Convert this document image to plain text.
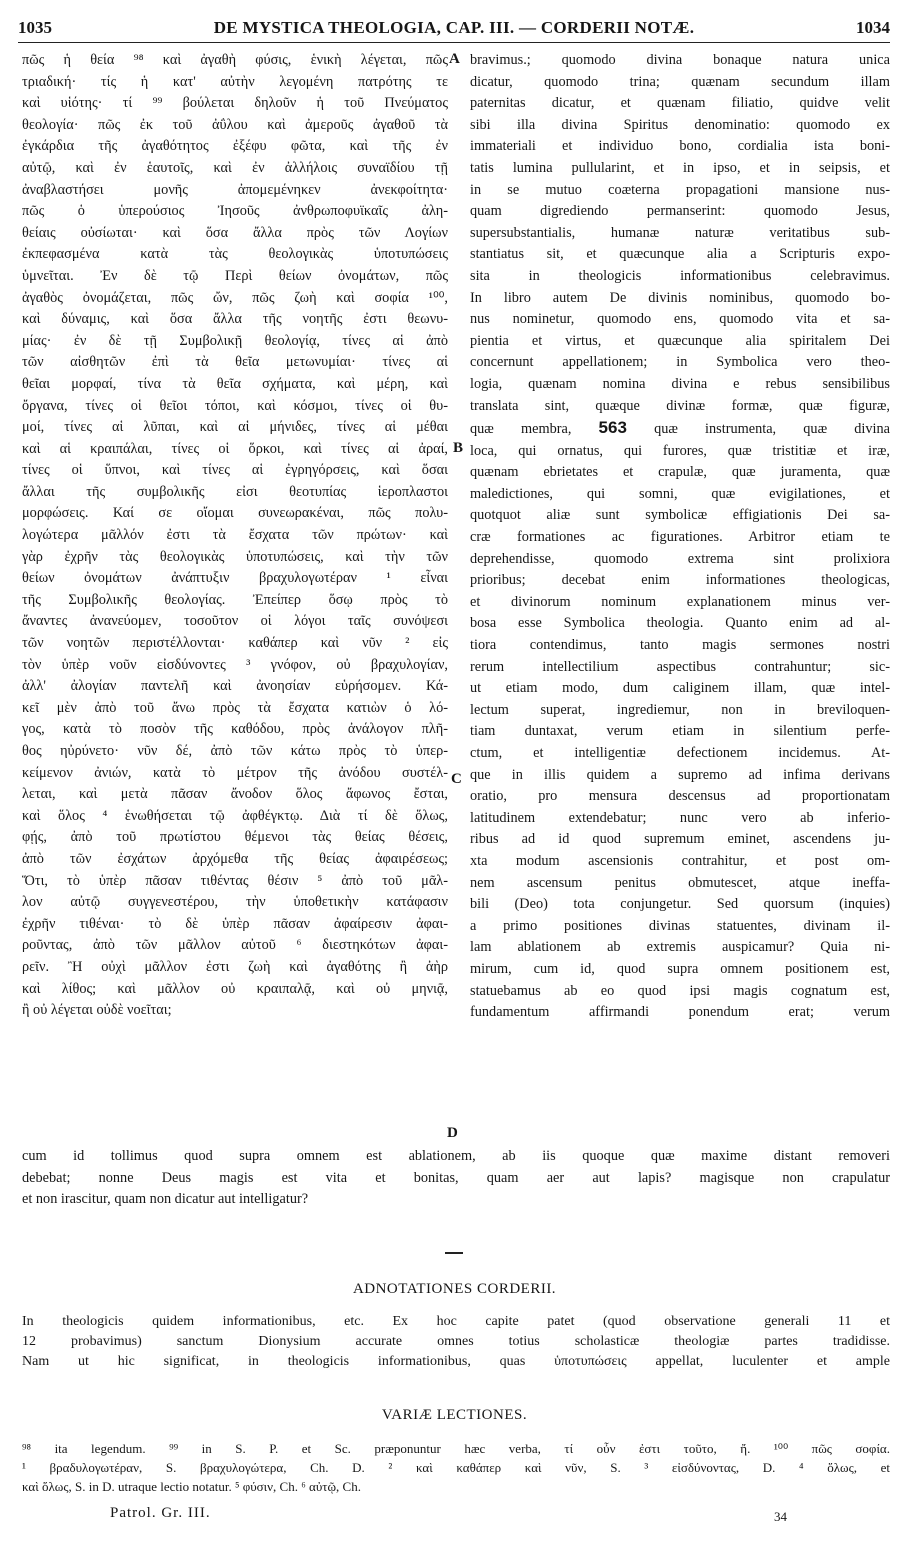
1035	DE MYSTICA THEOLOGIA, CAP. III. — CORDERII NOTÆ.	1034
πῶς ἡ θεία ⁹⁸ καὶ ἀγαθὴ φύσις, ἑνικὴ λέγεται, πῶς
τριαδική· τίς ἡ κατ' αὐτὴν λεγομένη πατρότης τε
καὶ υἱότης· τί ⁹⁹ βούλεται δηλοῦν ἡ τοῦ Πνεύματος
θεολογία· πῶς ἐκ τοῦ ἀΰλου καὶ ἀμεροῦς ἀγαθοῦ τὰ
ἐγκάρδια τῆς ἀγαθότητος ἐξέφυ φῶτα, καὶ τῆς ἐν
αὐτῷ, καὶ ἐν ἑαυτοῖς, καὶ ἐν ἀλλήλοις συναϊδίου τῇ
ἀναβλαστήσει μονῆς ἀπομεμένηκεν ἀνεκφοίτητα·
πῶς ὁ ὑπερούσιος Ἰησοῦς ἀνθρωποφυϊκαῖς ἀλη-
θείαις οὐσίωται· καὶ ὅσα ἄλλα πρὸς τῶν Λογίων
ἐκπεφασμένα κατὰ τὰς θεολογικὰς ὑποτυπώσεις
ὑμνεῖται. Ἐν δὲ τῷ Περὶ θείων ὀνομάτων, πῶς
ἀγαθὸς ὀνομάζεται, πῶς ὤν, πῶς ζωὴ καὶ σοφία ¹⁰⁰,
καὶ δύναμις, καὶ ὅσα ἄλλα τῆς νοητῆς ἐστι θεωνυ-
μίας· ἐν δὲ τῇ Συμβολικῇ θεολογίᾳ, τίνες αἱ ἀπὸ
τῶν αἰσθητῶν ἐπὶ τὰ θεῖα μετωνυμίαι· τίνες αἱ
θεῖαι μορφαί, τίνα τὰ θεῖα σχήματα, καὶ μέρη, καὶ
ὄργανα, τίνες οἱ θεῖοι τόποι, καὶ κόσμοι, τίνες οἱ θυ-
μοί, τίνες αἱ λῦπαι, καὶ αἱ μήνιδες, τίνες αἱ μέθαι
καὶ αἱ κραιπάλαι, τίνες οἱ ὅρκοι, καὶ τίνες αἱ ἀραί,
τίνες οἱ ὕπνοι, καὶ τίνες αἱ ἐγρηγόρσεις, καὶ ὅσαι
ἄλλαι τῆς συμβολικῆς εἰσι θεοτυπίας ἱεροπλαστοι
μορφώσεις. Καί σε οἴομαι συνεωρακέναι, πῶς πολυ-
λογώτερα μᾶλλόν ἐστι τὰ ἔσχατα τῶν πρώτων· καὶ
γὰρ ἐχρῆν τὰς θεολογικὰς ὑποτυπώσεις, καὶ τὴν τῶν
θείων ὀνομάτων ἀνάπτυξιν βραχυλογωτέραν ¹ εἶναι
τῆς Συμβολικῆς θεολογίας. Ἐπείπερ ὅσῳ πρὸς τὸ
ἄναντες ἀνανεύομεν, τοσοῦτον οἱ λόγοι ταῖς συνόψεσι
τῶν νοητῶν περιστέλλονται· καθάπερ καὶ νῦν ² εἰς
τὸν ὑπὲρ νοῦν εἰσδύνοντες ³ γνόφον, οὐ βραχυλογίαν,
ἀλλ' ἀλογίαν παντελῆ καὶ ἀνοησίαν εὑρήσομεν. Κά-
κεῖ μὲν ἀπὸ τοῦ ἄνω πρὸς τὰ ἔσχατα κατιὼν ὁ λό-
γος, κατὰ τὸ ποσὸν τῆς καθόδου, πρὸς ἀνάλογον πλῆ-
θος ηὐρύνετο· νῦν δέ, ἀπὸ τῶν κάτω πρὸς τὸ ὑπερ-
κείμενον ἀνιών, κατὰ τὸ μέτρον τῆς ἀνόδου συστέλ-
λεται, καὶ μετὰ πᾶσαν ἄνοδον ὅλος ἄφωνος ἔσται,
καὶ ὅλος ⁴ ἑνωθήσεται τῷ ἀφθέγκτῳ. Διὰ τί δὲ ὅλως,
φῄς, ἀπὸ τοῦ πρωτίστου θέμενοι τὰς θείας θέσεις,
ἀπὸ τῶν ἐσχάτων ἀρχόμεθα τῆς θείας ἀφαιρέσεως;
Ὅτι, τὸ ὑπὲρ πᾶσαν τιθέντας θέσιν ⁵ ἀπὸ τοῦ μᾶλ-
λον αὐτῷ συγγενεστέρου, τὴν ὑποθετικὴν κατάφασιν
ἐχρῆν τιθέναι· τὸ δὲ ὑπὲρ πᾶσαν ἀφαίρεσιν ἀφαι-
ροῦντας, ἀπὸ τῶν μᾶλλον αὐτοῦ ⁶ διεστηκότων ἀφαι-
ρεῖν. Ἢ οὐχὶ μᾶλλον ἐστι ζωὴ καὶ ἀγαθότης ἢ ἀὴρ
καὶ λίθος; καὶ μᾶλλον οὐ κραιπαλᾷ, καὶ οὐ μηνιᾷ,
ἢ οὐ λέγεται οὐδὲ νοεῖται;
bravimus.; quomodo divina bonaque natura unica
dicatur, quomodo trina; quænam secundum illam
paternitas dicatur, et quænam filiatio, quidve velit
sibi illa divina Spiritus denominatio: quomodo ex
immateriali et individuo bono, cordialia ista boni-
tatis lumina pullularint, et in ipso, et in seipsis, et
in se mutuo coæterna propagationi mansione nus-
quam digrediendo permanserint: quomodo Jesus,
supersubstantialis, humanæ naturæ veritatibus sub-
stantiatus sit, et quæcunque alia a Scripturis expo-
sita in theologicis informationibus celebravimus.
In libro autem De divinis nominibus, quomodo bo-
nus nominetur, quomodo ens, quomodo vita et sa-
pientia et virtus, et quæcunque alia spiritalem Dei
concernunt appellationem; in Symbolica vero theo-
logia, quænam nomina divina e rebus sensibilibus
translata sint, quæque divinæ formæ, quæ figuræ,
quæ membra, 563 quæ instrumenta, quæ divina
loca, qui ornatus, qui furores, quæ tristitiæ et iræ,
quænam ebrietates et crapulæ, quæ juramenta, quæ
maledictiones, qui somni, quæ evigilationes, et
quotquot aliæ sunt symbolicæ effigiationis Dei sa-
cræ formationes ac figurationes. Arbitror etiam te
deprehendisse, quomodo extrema sint prolixiora
prioribus; decebat enim informationes theologicas,
et divinorum nominum explanationem minus ver-
bosa esse Symbolica theologia. Quanto enim ad al-
tiora contendimus, tanto magis sermones nostri
rerum intellectilium aspectibus contrahuntur; sic-
ut etiam modo, dum caliginem illam, quæ intel-
lectum superat, ingrediemur, non in breviloquen-
tiam duntaxat, verum etiam in silentium perfe-
ctum, et intelligentiæ defectionem incidemus. At-
que in illis quidem a supremo ad infima derivans
oratio, pro mensura descensus ad proportionatam
latitudinem extendebatur; nunc vero ab inferio-
ribus ad id quod supremum eminet, ascendens ju-
xta modum ascensionis contrahitur, et post om-
nem ascensum penitus obmutescet, atque ineffa-
bili (Deo) tota conjungetur. Sed quorsum (inquies)
a primo positiones divinas statuentes, divinam il-
lam ablationem ab extremis auspicamur? Quia ni-
mirum, cum id, quod supra omnem positionem est,
statuebamus ab eo quod ipsi magis cognatum est,
fundamentum affirmandi ponendum erat; verum
A
B
C
D
cum id tollimus quod supra omnem est ablationem, ab iis quoque quæ maxime distant removeri
debebat; nonne Deus magis est vita et bonitas, quam aer aut lapis? magisque non crapulatur
et non irascitur, quam non dicatur aut intelligatur?
ADNOTATIONES CORDERII.
In theologicis quidem informationibus, etc. Ex hoc capite patet (quod observatione generali 11 et
12 probavimus) sanctum Dionysium accurate omnes totius scholasticæ theologiæ partes tradidisse.
Nam ut hic significat, in theologicis informationibus, quas ὑποτυπώσεις appellat, luculenter et ample
VARIÆ LECTIONES.
⁹⁸ ita legendum. ⁹⁹ in S. P. et Sc. præponuntur hæc verba, τί οὖν ἐστι τοῦτο, ἤ. ¹⁰⁰ πῶς σοφία.
¹ βραδυλογωτέραν, S. βραχυλογώτερα, Ch. D. ² καὶ καθάπερ καὶ νῦν, S. ³ εἰσδύνοντας, D. ⁴ ὅλως, et
καὶ ὅλως, S. in D. utraque lectio notatur. ⁵ φύσιν, Ch. ⁶ αὐτῷ, Ch.
Patrol. Gr. III.	34
